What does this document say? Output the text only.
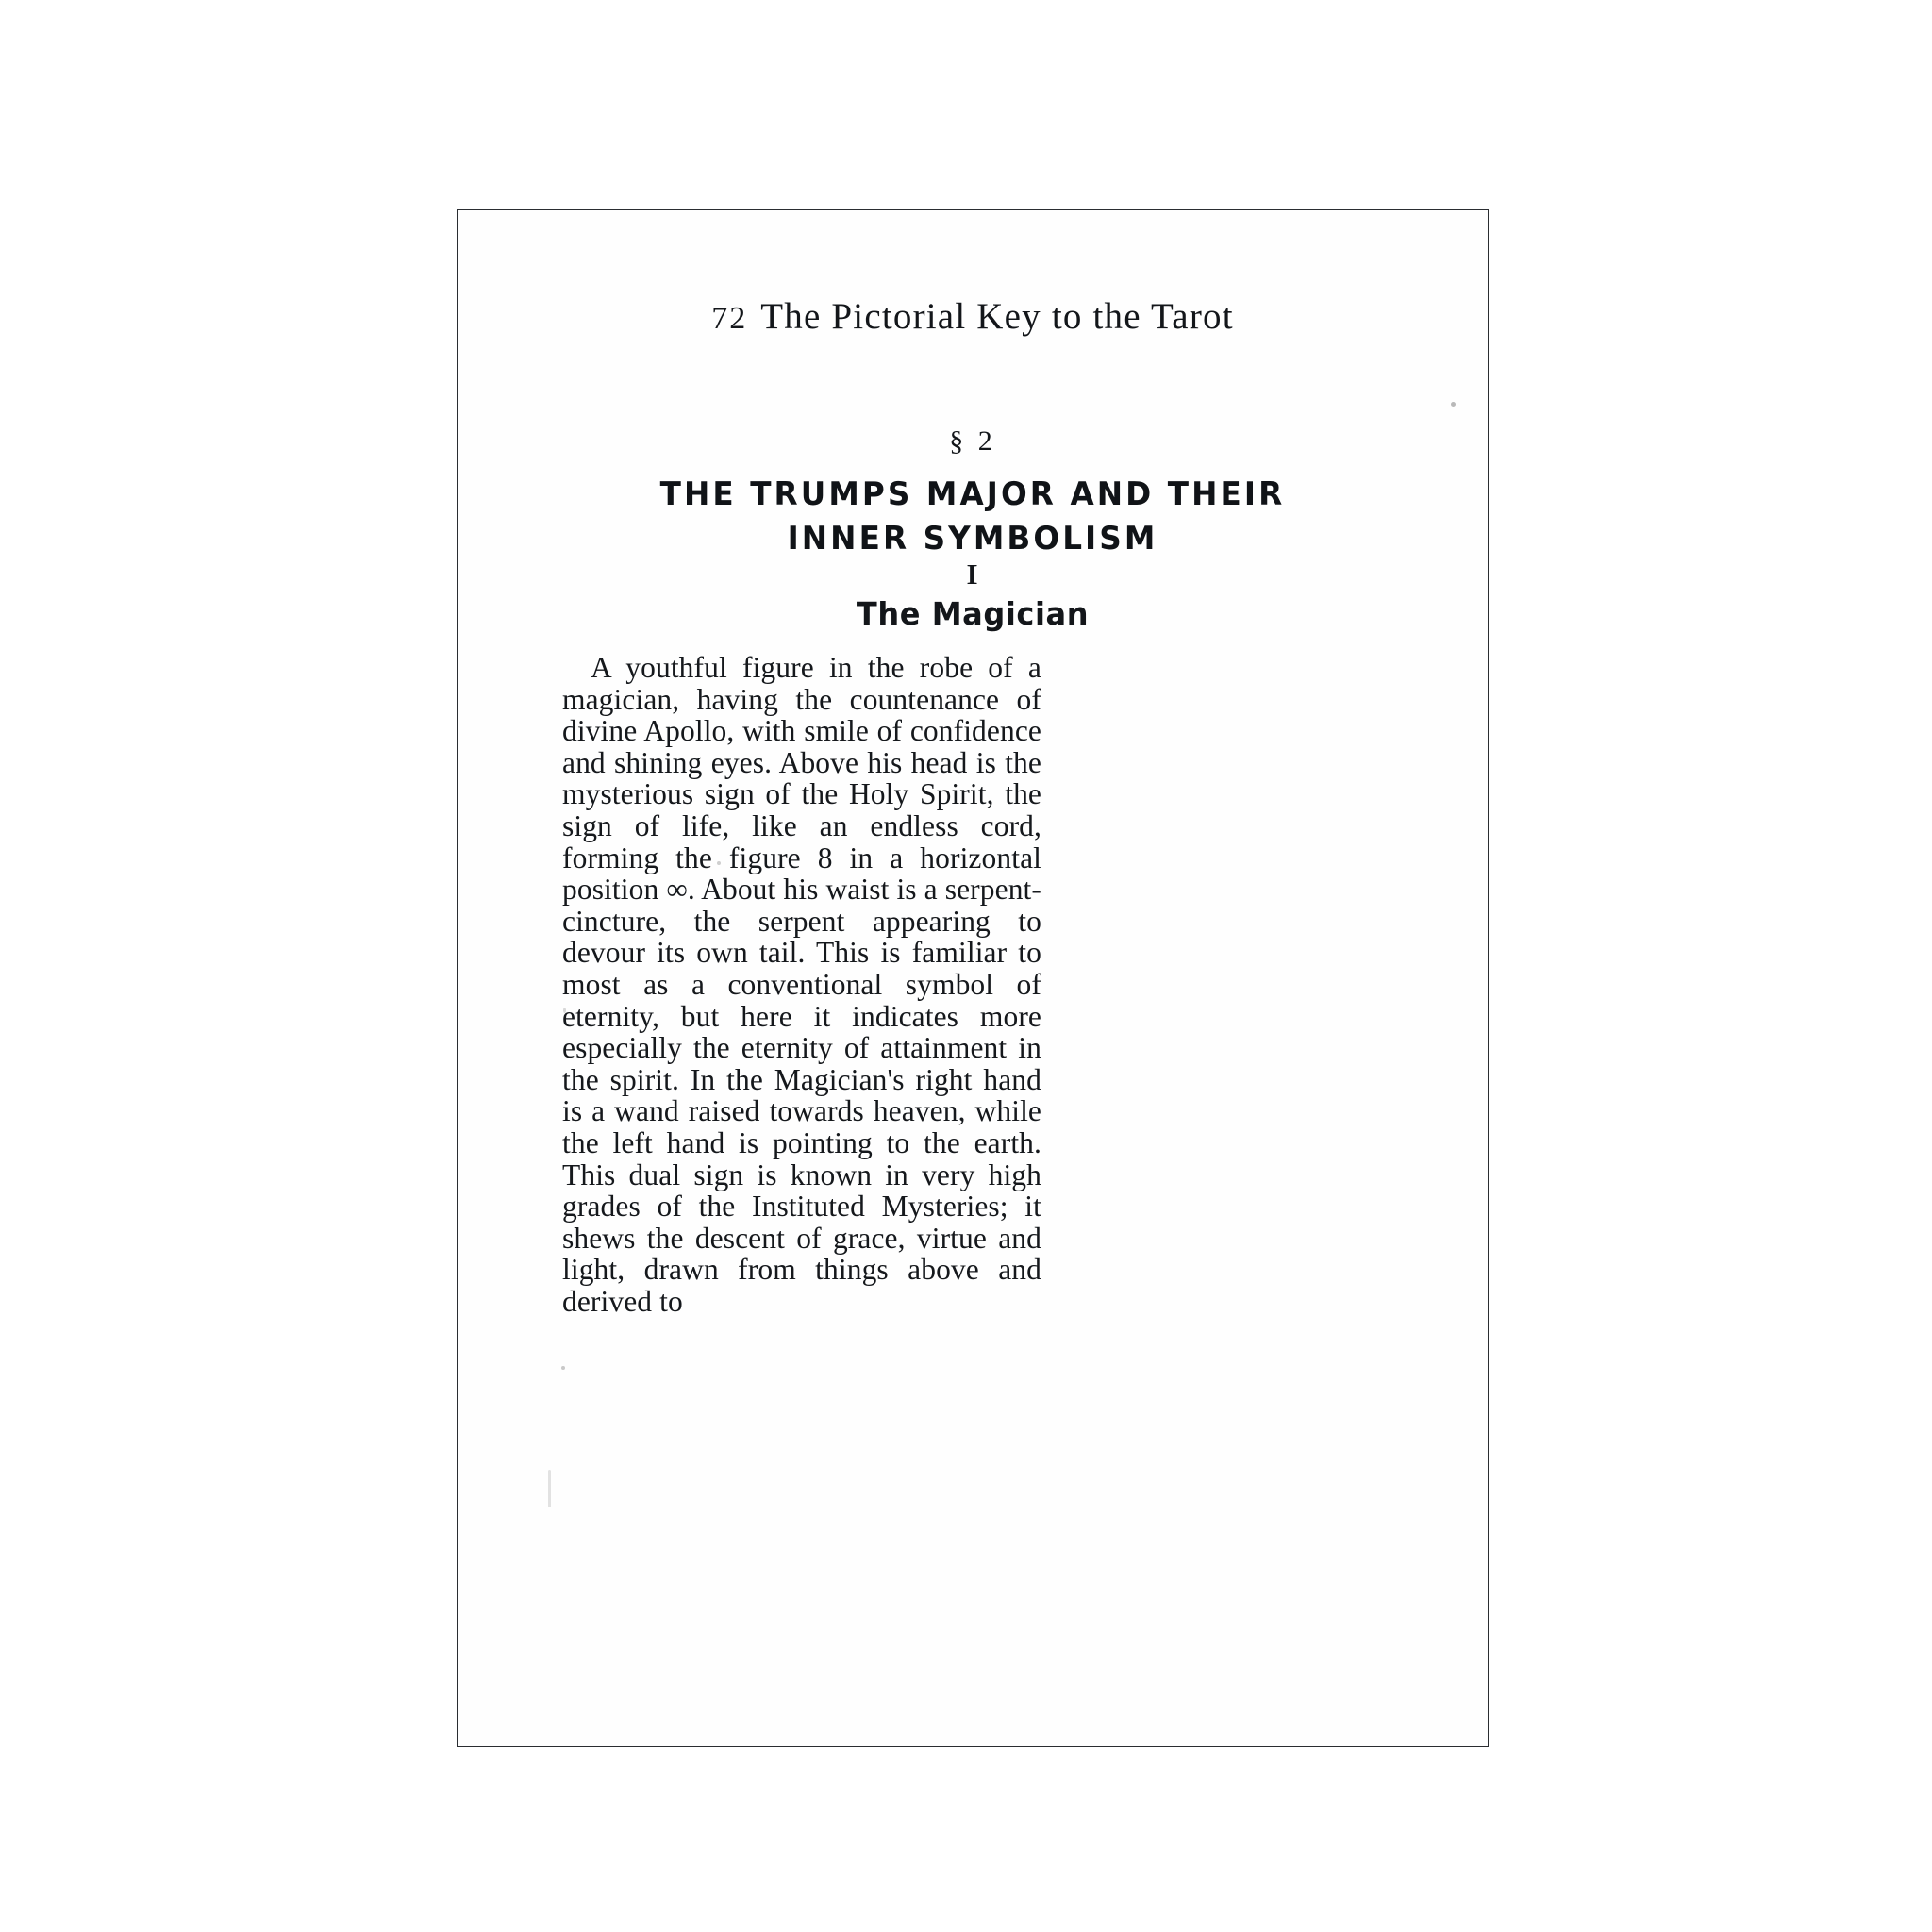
72 The Pictorial Key to the Tarot
§ 2
THE TRUMPS MAJOR AND THEIR
INNER SYMBOLISM
I
The Magician

A youthful figure in the robe of a magician, having the countenance of divine Apollo, with smile of confidence and shining eyes. Above his head is the mysterious sign of the Holy Spirit, the sign of life, like an endless cord, forming the figure 8 in a horizontal position ∞. About his waist is a serpent-cincture, the serpent appearing to devour its own tail. This is familiar to most as a conventional symbol of eternity, but here it indicates more especially the eternity of attainment in the spirit. In the Magician's right hand is a wand raised towards heaven, while the left hand is pointing to the earth. This dual sign is known in very high grades of the Instituted Mysteries; it shews the descent of grace, virtue and light, drawn from things above and derived to
